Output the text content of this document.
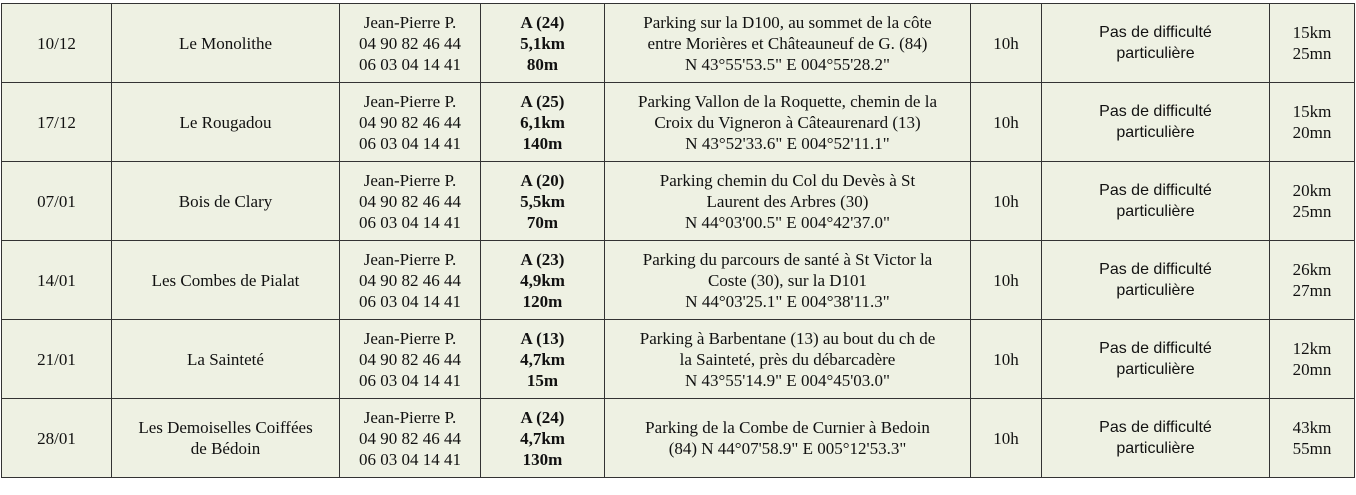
10/12	Le Monolithe	Jean-Pierre P.
04 90 82 46 44
06 03 04 14 41	A (24)
5,1km
80m	Parking sur la D100, au sommet de la côte
entre Morières et Châteauneuf de G. (84)
N 43°55'53.5" E 004°55'28.2"	10h	Pas de difficulté
particulière	15km
25mn

17/12	Le Rougadou	Jean-Pierre P.
04 90 82 46 44
06 03 04 14 41	A (25)
6,1km
140m	Parking Vallon de la Roquette, chemin de la
Croix du Vigneron à Câteaurenard (13)
N 43°52'33.6" E 004°52'11.1"	10h	Pas de difficulté
particulière	15km
20mn

07/01	Bois de Clary	Jean-Pierre P.
04 90 82 46 44
06 03 04 14 41	A (20)
5,5km
70m	Parking chemin du Col du Devès à St
Laurent des Arbres (30)
N 44°03'00.5" E 004°42'37.0"	10h	Pas de difficulté
particulière	20km
25mn

14/01	Les Combes de Pialat	Jean-Pierre P.
04 90 82 46 44
06 03 04 14 41	A (23)
4,9km
120m	Parking du parcours de santé à St Victor la
Coste (30), sur la D101
N 44°03'25.1" E 004°38'11.3"	10h	Pas de difficulté
particulière	26km
27mn

21/01	La Sainteté	Jean-Pierre P.
04 90 82 46 44
06 03 04 14 41	A (13)
4,7km
15m	Parking à Barbentane (13) au bout du ch de
la Sainteté, près du débarcadère
N 43°55'14.9" E 004°45'03.0"	10h	Pas de difficulté
particulière	12km
20mn

28/01	Les Demoiselles Coiffées
de Bédoin	Jean-Pierre P.
04 90 82 46 44
06 03 04 14 41	A (24)
4,7km
130m	Parking de la Combe de Curnier à Bedoin
(84) N 44°07'58.9" E 005°12'53.3"	10h	Pas de difficulté
particulière	43km
55mn
